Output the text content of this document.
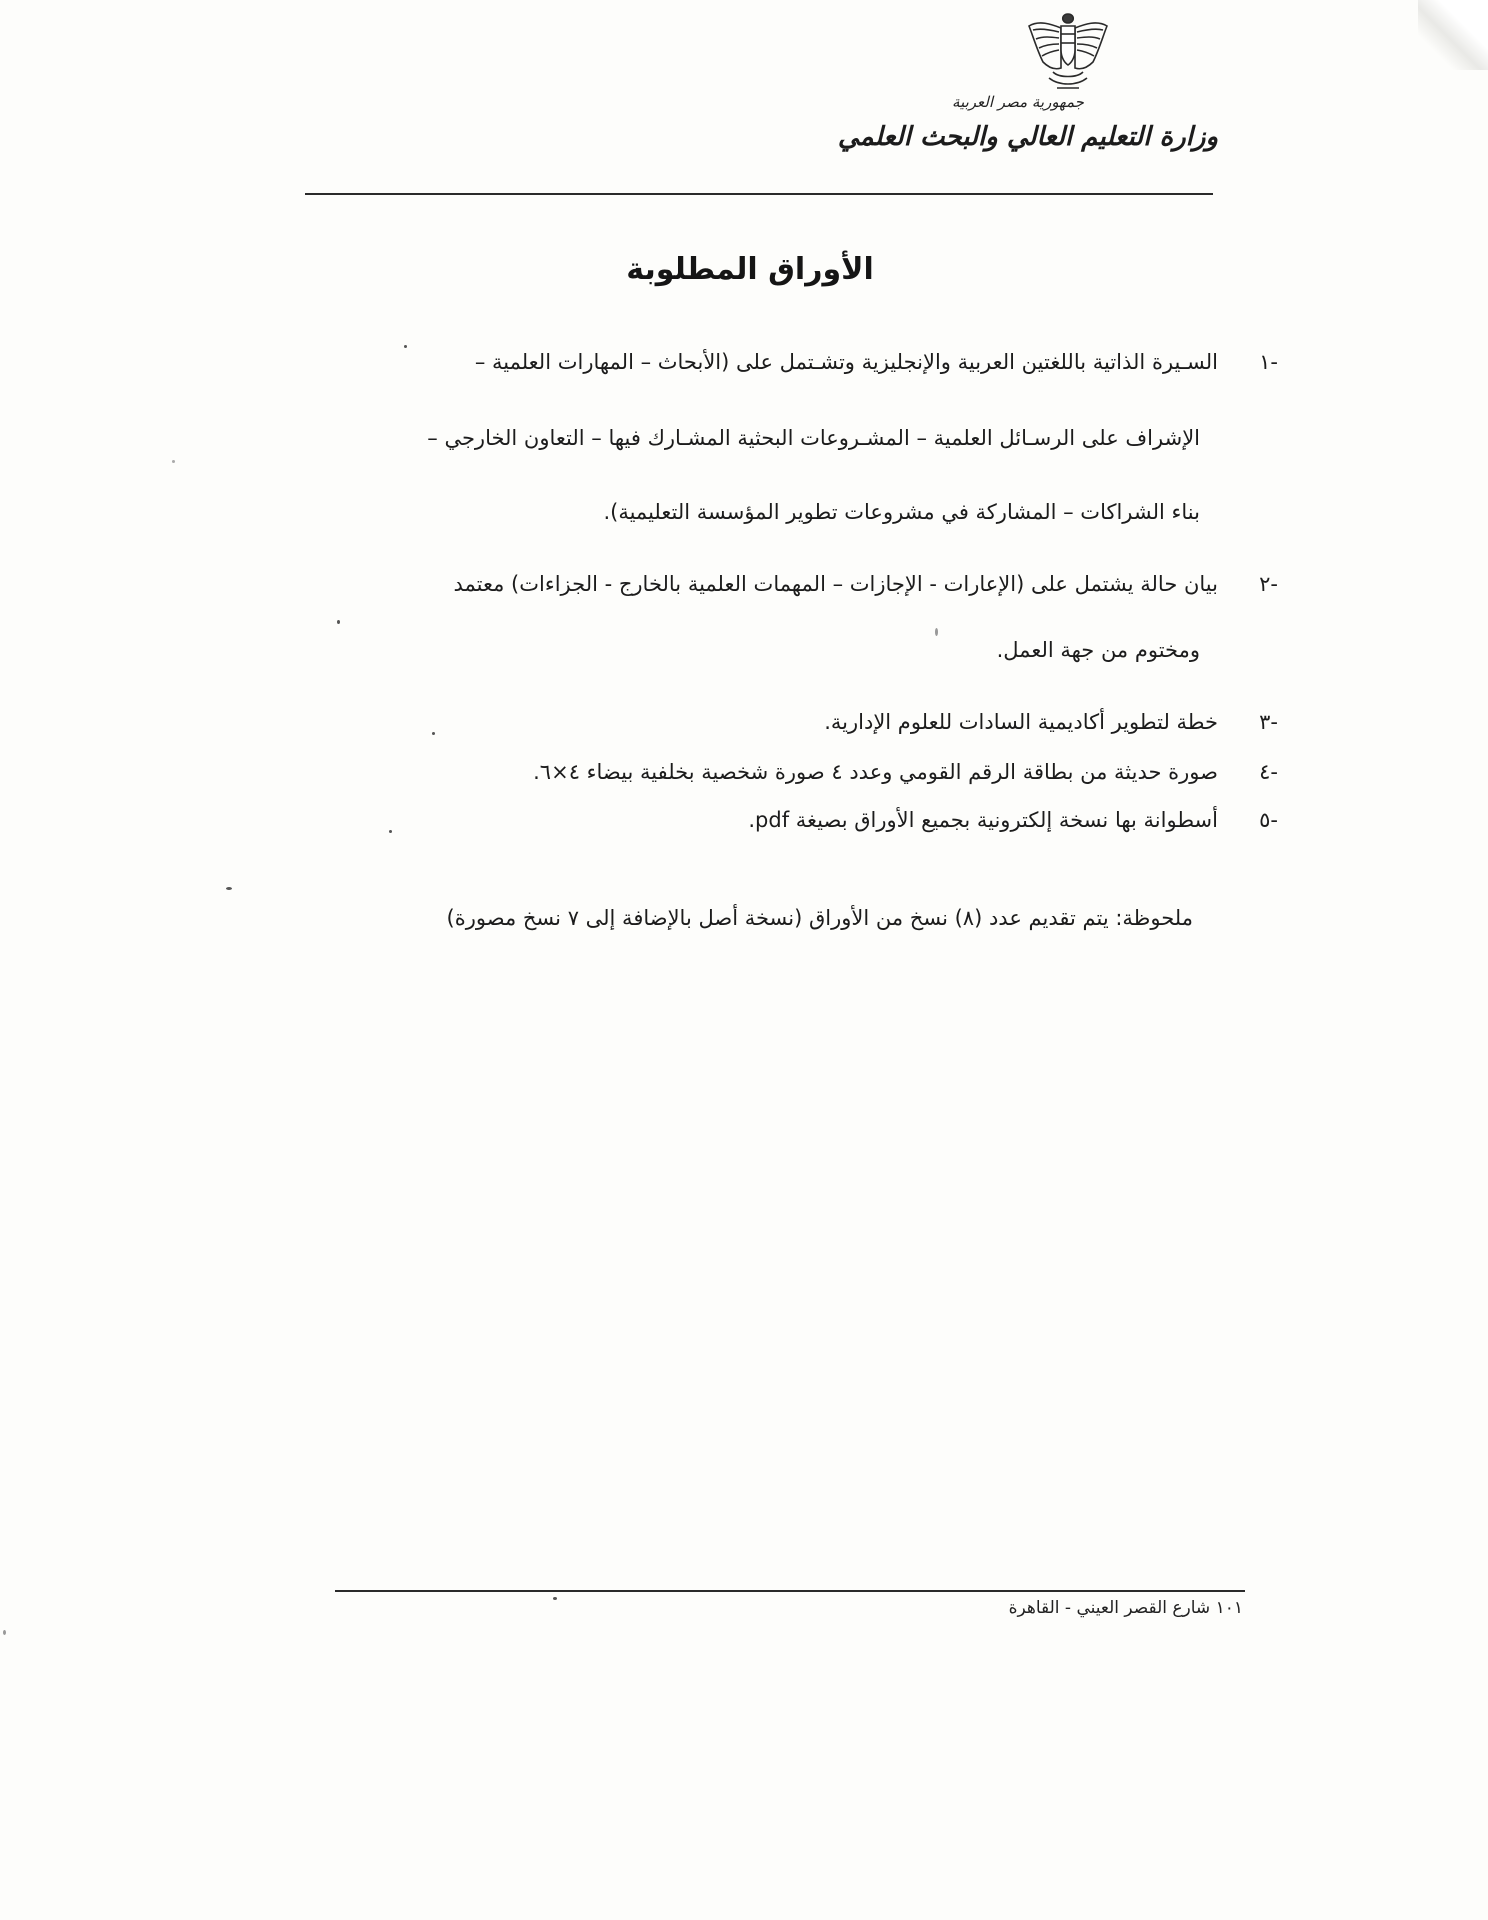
جمهورية مصر العربية
وزارة التعليم العالي والبحث العلمي
الأوراق المطلوبة
-١
السـيرة الذاتية باللغتين العربية والإنجليزية وتشـتمل على (الأبحاث – المهارات العلمية –
الإشراف على الرسـائل العلمية – المشـروعات البحثية المشـارك فيها – التعاون الخارجي –
بناء الشراكات – المشاركة في مشروعات تطوير المؤسسة التعليمية).
-٢
بيان حالة يشتمل على (الإعارات - الإجازات – المهمات العلمية بالخارج - الجزاءات) معتمد
ومختوم من جهة العمل.
-٣
خطة لتطوير أكاديمية السادات للعلوم الإدارية.
-٤
صورة حديثة من بطاقة الرقم القومي وعدد ٤ صورة شخصية بخلفية بيضاء ٤×٦.
-٥
أسطوانة بها نسخة إلكترونية بجميع الأوراق بصيغة pdf.
ملحوظة: يتم تقديم عدد (٨) نسخ من الأوراق (نسخة أصل بالإضافة إلى ٧ نسخ مصورة)
١٠١ شارع القصر العيني - القاهرة
